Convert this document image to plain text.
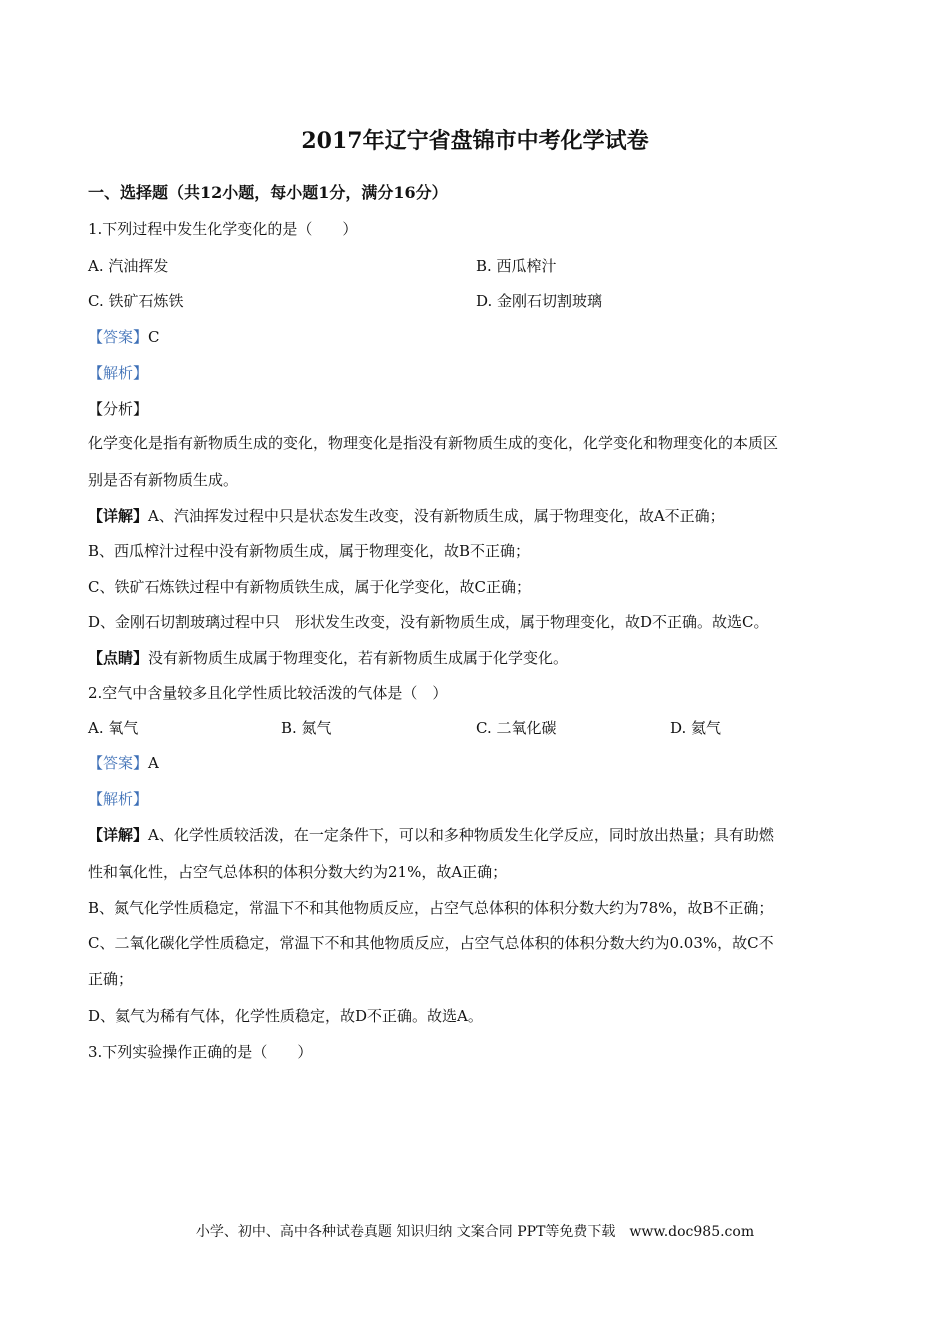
2017年辽宁省盘锦市中考化学试卷
一、选择题（共12小题，每小题1分，满分16分）
1.下列过程中发生化学变化的是（　　）
A. 汽油挥发	B. 西瓜榨汁
C. 铁矿石炼铁	D. 金刚石切割玻璃
【答案】C
【解析】
【分析】
化学变化是指有新物质生成的变化，物理变化是指没有新物质生成的变化，化学变化和物理变化的本质区
别是否有新物质生成。
【详解】A、汽油挥发过程中只是状态发生改变，没有新物质生成，属于物理变化，故A不正确；
B、西瓜榨汁过程中没有新物质生成，属于物理变化，故B不正确；
C、铁矿石炼铁过程中有新物质铁生成，属于化学变化，故C正确；
D、金刚石切割玻璃过程中只　形状发生改变，没有新物质生成，属于物理变化，故D不正确。故选C。
【点睛】没有新物质生成属于物理变化，若有新物质生成属于化学变化。
2.空气中含量较多且化学性质比较活泼的气体是（　）
A. 氧气	B. 氮气	C. 二氧化碳	D. 氦气
【答案】A
【解析】
【详解】A、化学性质较活泼，在一定条件下，可以和多种物质发生化学反应，同时放出热量；具有助燃
性和氧化性，占空气总体积的体积分数大约为21%，故A正确；
B、氮气化学性质稳定，常温下不和其他物质反应，占空气总体积的体积分数大约为78%，故B不正确；
C、二氧化碳化学性质稳定，常温下不和其他物质反应，占空气总体积的体积分数大约为0.03%，故C不
正确；
D、氦气为稀有气体，化学性质稳定，故D不正确。故选A。
3.下列实验操作正确的是（　　）
小学、初中、高中各种试卷真题 知识归纳 文案合同 PPT等免费下载　www.doc985.com
